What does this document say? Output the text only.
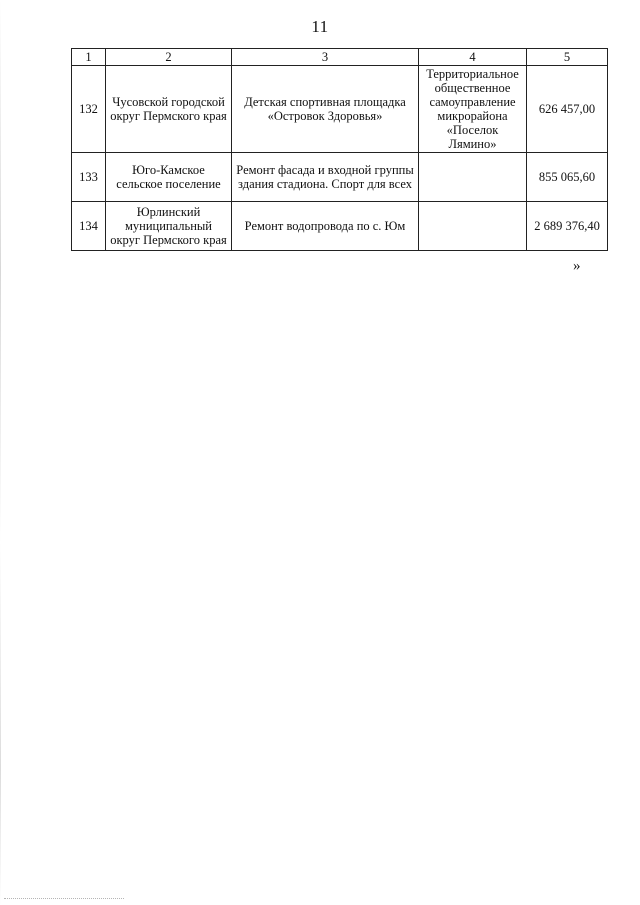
11
1	2	3	4	5
132	Чусовской городской округ Пермского края	Детская спортивная площадка «Островок Здоровья»	Территориальное общественное самоуправление микрорайона «Поселок Лямино»	626 457,00
133	Юго-Камское сельское поселение	Ремонт фасада и входной группы здания стадиона. Спорт для всех		855 065,60
134	Юрлинский муниципальный округ Пермского края	Ремонт водопровода по с. Юм		2 689 376,40
»
